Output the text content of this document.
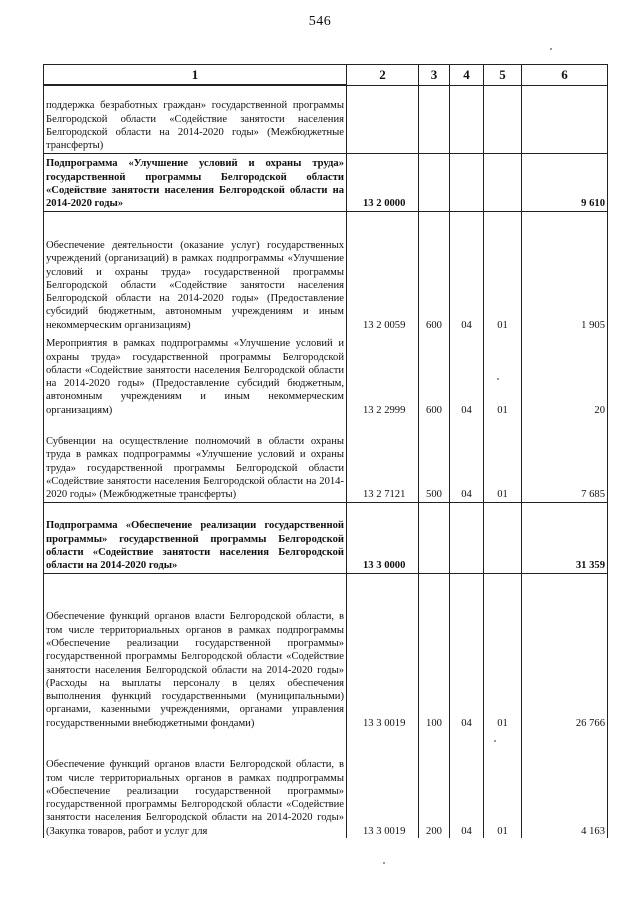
546
1	2	3	4	5	6
поддержка безработных граждан» государственной программы Белгородской области «Содействие занятости населения Белгородской области на 2014-2020 годы» (Межбюджетные трансферты)					
Подпрограмма «Улучшение условий и охраны труда» государственной программы Белгородской области «Содействие занятости населения Белгородской области на 2014-2020 годы»	13 2 0000				9 610
Обеспечение деятельности (оказание услуг) государственных учреждений (организаций) в рамках подпрограммы «Улучшение условий и охраны труда» государственной программы Белгородской области «Содействие занятости населения Белгородской области на 2014-2020 годы» (Предоставление субсидий бюджетным, автономным учреждениям и иным некоммерческим организациям)	13 2 0059	600	04	01	1 905
Мероприятия в рамках подпрограммы «Улучшение условий и охраны труда» государственной программы Белгородской области «Содействие занятости населения Белгородской области на 2014-2020 годы» (Предоставление субсидий бюджетным, автономным учреждениям и иным некоммерческим организациям)	13 2 2999	600	04	01	20
Субвенции на осуществление полномочий в области охраны труда в рамках подпрограммы «Улучшение условий и охраны труда» государственной программы Белгородской области «Содействие занятости населения Белгородской области на 2014-2020 годы» (Межбюджетные трансферты)	13 2 7121	500	04	01	7 685
Подпрограмма «Обеспечение реализации государственной программы» государственной программы Белгородской области «Содействие занятости населения Белгородской области на 2014-2020 годы»	13 3 0000				31 359
Обеспечение функций органов власти Белгородской области, в том числе территориальных органов в рамках подпрограммы «Обеспечение реализации государственной программы» государственной программы Белгородской области «Содействие занятости населения Белгородской области на 2014-2020 годы» (Расходы на выплаты персоналу в целях обеспечения выполнения функций государственными (муниципальными) органами, казенными учреждениями, органами управления государственными внебюджетными фондами)	13 3 0019	100	04	01	26 766
Обеспечение функций органов власти Белгородской области, в том числе территориальных органов в рамках подпрограммы «Обеспечение реализации государственной программы» государственной программы Белгородской области «Содействие занятости населения Белгородской области на 2014-2020 годы» (Закупка товаров, работ и услуг для	13 3 0019	200	04	01	4 163
